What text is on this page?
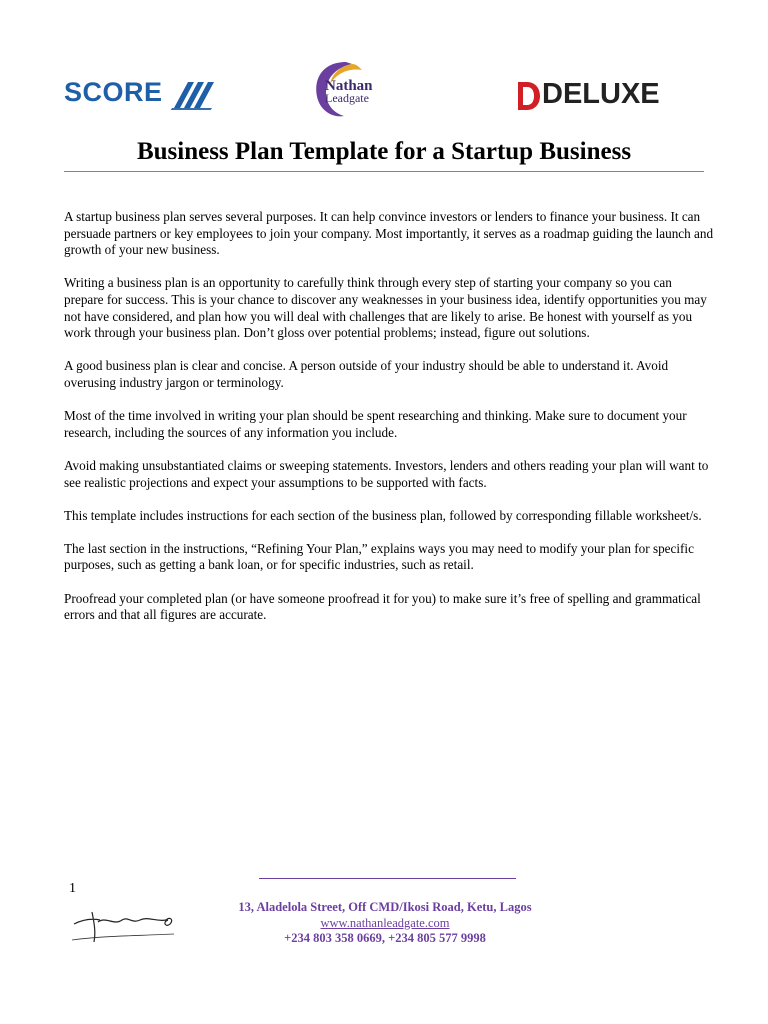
SCORE	Nathan
Leadgate	DELUXE
Business Plan Template for a Startup Business

A startup business plan serves several purposes. It can help convince investors or lenders to finance your business. It can persuade partners or key employees to join your company. Most importantly, it serves as a roadmap guiding the launch and growth of your new business.

Writing a business plan is an opportunity to carefully think through every step of starting your company so you can prepare for success. This is your chance to discover any weaknesses in your business idea, identify opportunities you may not have considered, and plan how you will deal with challenges that are likely to arise. Be honest with yourself as you work through your business plan. Don’t gloss over potential problems; instead, figure out solutions.

A good business plan is clear and concise. A person outside of your industry should be able to understand it. Avoid overusing industry jargon or terminology.

Most of the time involved in writing your plan should be spent researching and thinking. Make sure to document your research, including the sources of any information you include.

Avoid making unsubstantiated claims or sweeping statements. Investors, lenders and others reading your plan will want to see realistic projections and expect your assumptions to be supported with facts.

This template includes instructions for each section of the business plan, followed by corresponding fillable worksheet/s.

The last section in the instructions, “Refining Your Plan,” explains ways you may need to modify your plan for specific purposes, such as getting a bank loan, or for specific industries, such as retail.

Proofread your completed plan (or have someone proofread it for you) to make sure it’s free of spelling and grammatical errors and that all figures are accurate.

1
13, Aladelola Street, Off CMD/Ikosi Road, Ketu, Lagos
www.nathanleadgate.com
+234 803 358 0669, +234 805 577 9998
